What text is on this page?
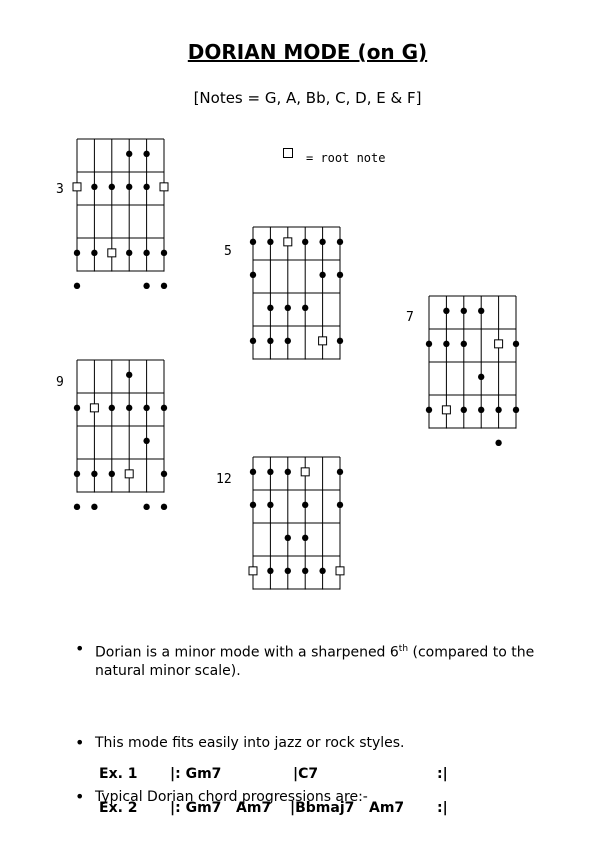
DORIAN MODE (on G)
[Notes = G, A, Bb, C, D, E & F]
= root note
3
5
7
9
12
• Dorian is a minor mode with a sharpened 6th (compared to the natural minor scale).
• This mode fits easily into jazz or rock styles.
• Typical Dorian chord progressions are:-
Ex. 1 |: Gm7	|C7	:|
Ex. 2 |: Gm7   Am7 |Bbmaj7   Am7 :|
